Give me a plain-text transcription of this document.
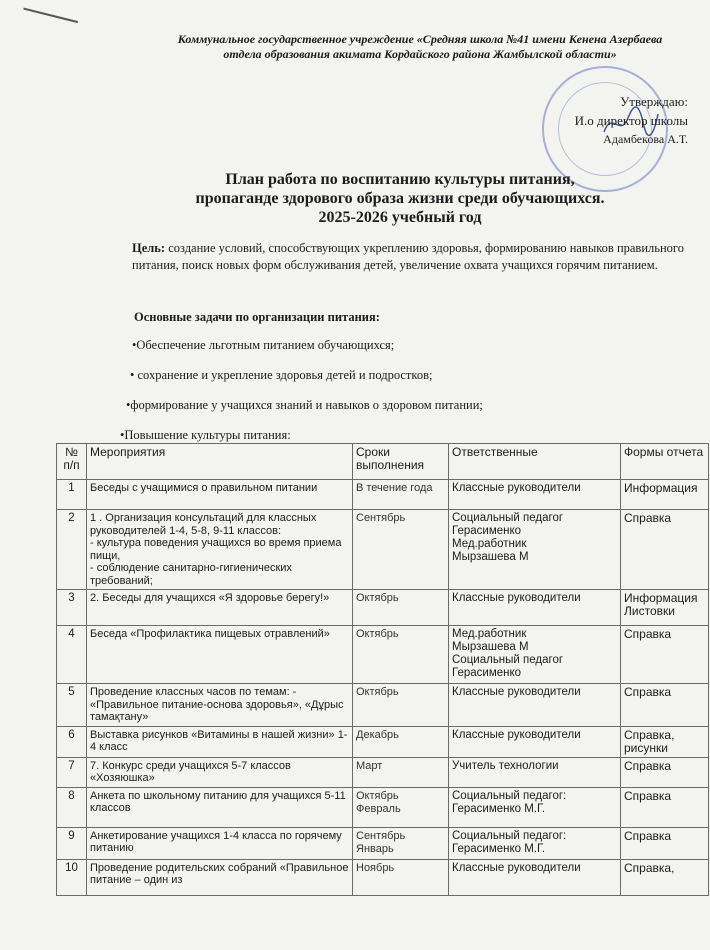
Коммунальное государственное учреждение «Средняя школа №41 имени Кенена Азербаева
отдела образования акимата Кордайского района Жамбылской области»
Утверждаю:
И.о директор школы
Адамбекова А.Т.
План работа по воспитанию культуры питания,
пропаганде здорового образа жизни среди обучающихся.
2025-2026 учебный год
Цель: создание условий, способствующих укреплению здоровья, формированию навыков правильного питания, поиск новых форм обслуживания детей, увеличение охвата учащихся горячим питанием.
Основные задачи по организации питания:
•Обеспечение льготным питанием обучающихся;
• сохранение и укрепление здоровья детей и подростков;
•формирование у учащихся знаний и навыков о здоровом питании;
•Повышение культуры питания:
№ п/п	Мероприятия	Сроки выполнения	Ответственные	Формы отчета
1	Беседы с учащимися о правильном питании	В течение года	Классные руководители	Информация
2	1 . Организация консультаций для классных руководителей 1-4, 5-8, 9-11 классов:
- культура поведения учащихся во время приема пищи,
- соблюдение санитарно-гигиенических требований;	Сентябрь	Социальный педагог
Герасименко
Мед.работник
Мырзашева М	Справка
3	2. Беседы для учащихся «Я здоровье берегу!»	Октябрь	Классные руководители	Информация
Листовки
4	Беседа «Профилактика пищевых отравлений»	Октябрь	Мед.работник
Мырзашева М
Социальный педагог
Герасименко	Справка
5	Проведение классных часов по темам: - «Правильное питание-основа здоровья», «Дұрыс тамақтану»	Октябрь	Классные руководители	Справка
6	Выставка рисунков «Витамины в нашей жизни» 1-4 класс	Декабрь	Классные руководители	Справка,
рисунки
7	7. Конкурс среди учащихся 5-7 классов «Хозяюшка»	Март	Учитель технологии	Справка
8	Анкета по школьному питанию для учащихся 5-11 классов	Октябрь
Февраль	Социальный педагог:
Герасименко М.Г.	Справка
9	Анкетирование учащихся 1-4 класса по горячему питанию	Сентябрь
Январь	Социальный педагог:
Герасименко М.Г.	Справка
10	Проведение родительских собраний «Правильное питание – один из	Ноябрь	Классные руководители	Справка,
